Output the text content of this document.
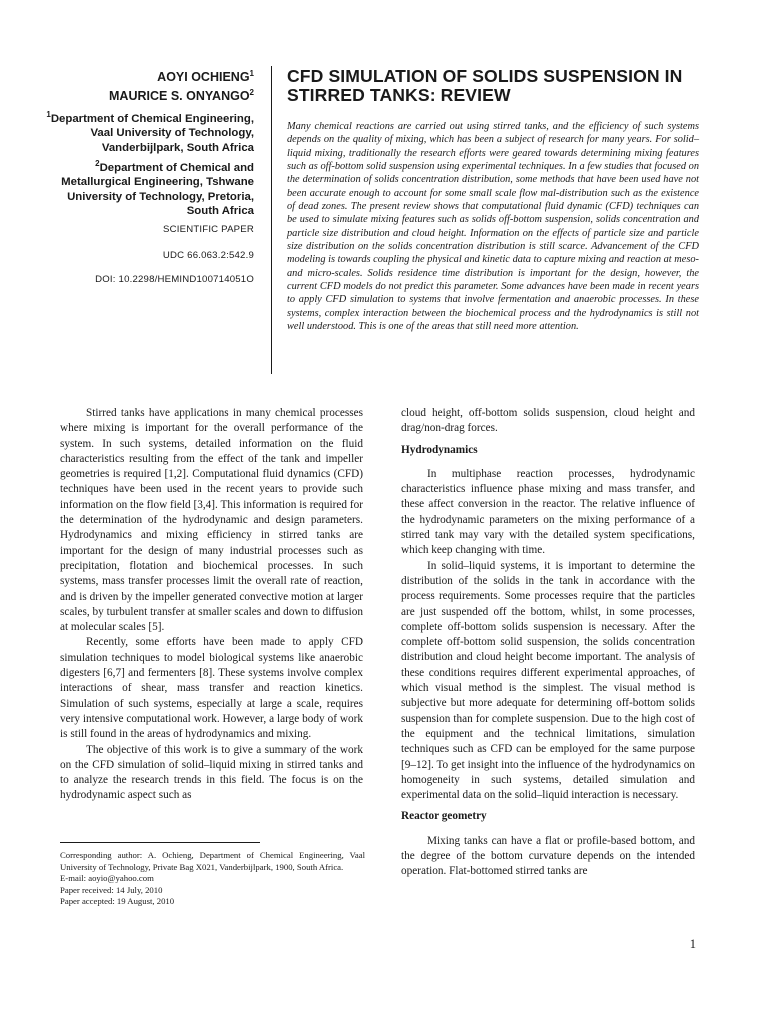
AOYI OCHIENG$^1$
MAURICE S. ONYANGO$^2$
$^1$Department of Chemical Engineering, Vaal University of Technology, Vanderbijlpark, South Africa
$^2$Department of Chemical and Metallurgical Engineering, Tshwane University of Technology, Pretoria, South Africa
SCIENTIFIC PAPER
UDC 66.063.2:542.9
DOI: 10.2298/HEMIND100714051O
CFD SIMULATION OF SOLIDS SUSPENSION IN STIRRED TANKS: REVIEW

Many chemical reactions are carried out using stirred tanks, and the efficiency of such systems depends on the quality of mixing, which has been a subject of research for many years. For solid–liquid mixing, traditionally the research efforts were geared towards determining mixing features such as off-bottom solid suspension using experimental techniques. In a few studies that focused on the determination of solids concentration distribution, some methods that have been used have not been accurate enough to account for some small scale flow mal-distribution such as the existence of dead zones. The present review shows that computational fluid dynamic (CFD) techniques can be used to simulate mixing features such as solids off-bottom suspension, solids concentration and particle size distribution and cloud height. Information on the effects of particle size and particle size distribution on the solids concentration distribution is still scarce. Advancement of the CFD modeling is towards coupling the physical and kinetic data to capture mixing and reaction at meso- and micro-scales. Solids residence time distribution is important for the design, however, the current CFD models do not predict this parameter. Some advances have been made in recent years to apply CFD simulation to systems that involve fermentation and anaerobic processes. In these systems, complex interaction between the biochemical process and the hydrodynamics is still not well understood. This is one of the areas that still need more attention.

Stirred tanks have applications in many chemical processes where mixing is important for the overall performance of the system. In such systems, detailed information on the fluid characteristics resulting from the effect of the tank and impeller geometries is required [1,2]. Computational fluid dynamics (CFD) techniques have been used in the recent years to provide such information on the flow field [3,4]. This information is required for the determination of the hydrodynamic and design parameters. Hydrodynamics and mixing efficiency in stirred tanks are important for the design of many industrial processes such as precipitation, flotation and biochemical processes. In such systems, mass transfer processes limit the overall rate of reaction, and is driven by the impeller generated convective motion at larger scales, by turbulent transfer at smaller scales and down to diffusion at molecular scales [5].

Recently, some efforts have been made to apply CFD simulation techniques to model biological systems like anaerobic digesters [6,7] and fermenters [8]. These systems involve complex interactions of shear, mass transfer and reaction kinetics. Simulation of such systems, especially at large a scale, requires very intensive computational work. However, a large body of work is still found in the areas of hydrodynamics and mixing.

The objective of this work is to give a summary of the work on the CFD simulation of solid–liquid mixing in stirred tanks and to analyze the research trends in this field. The focus is on the hydrodynamic aspect such as

cloud height, off-bottom solids suspension, cloud height and drag/non-drag forces.

Hydrodynamics

In multiphase reaction processes, hydrodynamic characteristics influence phase mixing and mass transfer, and these affect conversion in the reactor. The relative influence of the hydrodynamic parameters on the mixing performance of a stirred tank may vary with the detailed system specifications, which keep changing with time.

In solid–liquid systems, it is important to determine the distribution of the solids in the tank in accordance with the process requirements. Some processes require that the particles are just suspended off the bottom, whilst, in some processes, complete off-bottom solids suspension is necessary. After the complete off-bottom solid suspension, the solids concentration distribution and cloud height become important. The analysis of these conditions requires different experimental approaches, of which visual method is the simplest. The visual method is subjective but more adequate for determining off-bottom solids suspension than for complete suspension. Due to the high cost of the equipment and the technical limitations, simulation techniques such as CFD can be employed for the same purpose [9–12]. To get insight into the influence of the hydrodynamics on homogeneity in such systems, detailed simulation and experimental data on the solid–liquid interaction is necessary.

Reactor geometry

Mixing tanks can have a flat or profile-based bottom, and the degree of the bottom curvature depends on the intended operation. Flat-bottomed stirred tanks are

Corresponding author: A. Ochieng, Department of Chemical Engineering, Vaal University of Technology, Private Bag X021, Vanderbijlpark, 1900, South Africa.
E-mail: aoyio@yahoo.com
Paper received: 14 July, 2010
Paper accepted: 19 August, 2010
1
